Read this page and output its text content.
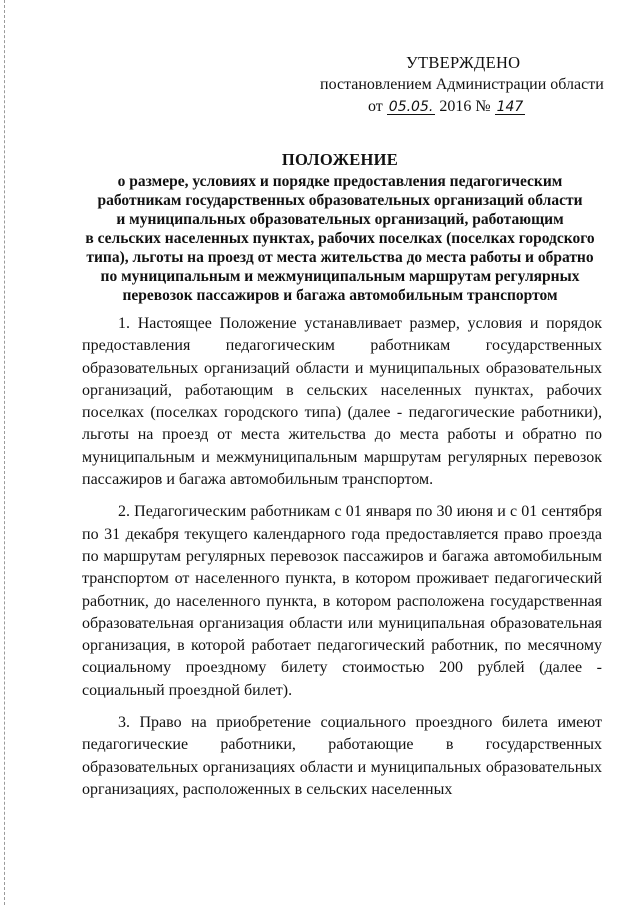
УТВЕРЖДЕНО
постановлением Администрации области
от 05.05. 2016 № 147
ПОЛОЖЕНИЕ
о размере, условиях и порядке предоставления педагогическим
работникам государственных образовательных организаций области
и муниципальных образовательных организаций, работающим
в сельских населенных пунктах, рабочих поселках (поселках городского
типа), льготы на проезд от места жительства до места работы и обратно
по муниципальным и межмуниципальным маршрутам регулярных
перевозок пассажиров и багажа автомобильным транспортом

1. Настоящее Положение устанавливает размер, условия и порядок предоставления педагогическим работникам государственных образовательных организаций области и муниципальных образовательных организаций, работающим в сельских населенных пунктах, рабочих поселках (поселках городского типа) (далее - педагогические работники), льготы на проезд от места жительства до места работы и обратно по муниципальным и межмуниципальным маршрутам регулярных перевозок пассажиров и багажа автомобильным транспортом.

2. Педагогическим работникам с 01 января по 30 июня и с 01 сентября по 31 декабря текущего календарного года предоставляется право проезда по маршрутам регулярных перевозок пассажиров и багажа автомобильным транспортом от населенного пункта, в котором проживает педагогический работник, до населенного пункта, в котором расположена государственная образовательная организация области или муниципальная образовательная организация, в которой работает педагогический работник, по месячному социальному проездному билету стоимостью 200 рублей (далее - социальный проездной билет).

3. Право на приобретение социального проездного билета имеют педагогические работники, работающие в государственных образовательных организациях области и муниципальных образовательных организациях, расположенных в сельских населенных
